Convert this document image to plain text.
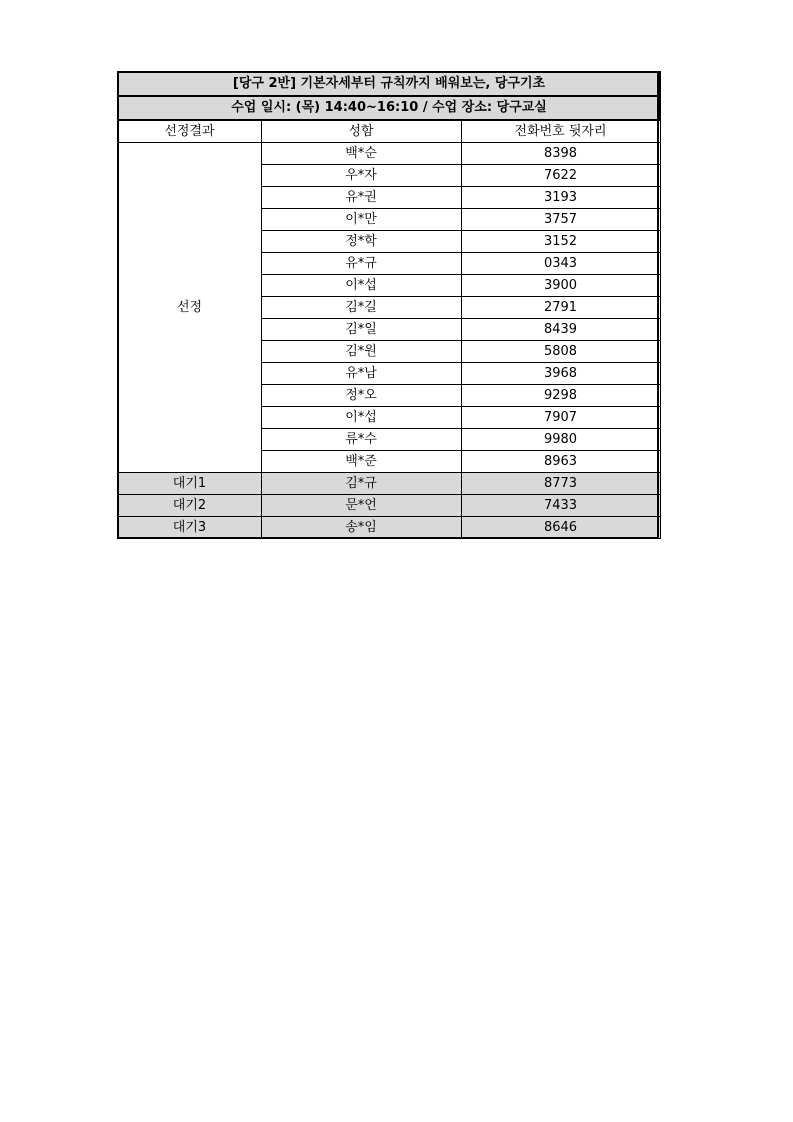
[당구 2반] 기본자세부터 규칙까지 배워보는, 당구기초		
수업 일시: (목) 14:40~16:10 / 수업 장소: 당구교실		
선정결과	성함	전화번호 뒷자리
선정	백*순	8398
	우*자	7622
	유*권	3193
	이*만	3757
	정*학	3152
	유*규	0343
	이*섭	3900
	김*길	2791
	김*일	8439
	김*원	5808
	유*남	3968
	정*오	9298
	이*섭	7907
	류*수	9980
	백*준	8963
대기1	김*규	8773
대기2	문*언	7433
대기3	송*임	8646
